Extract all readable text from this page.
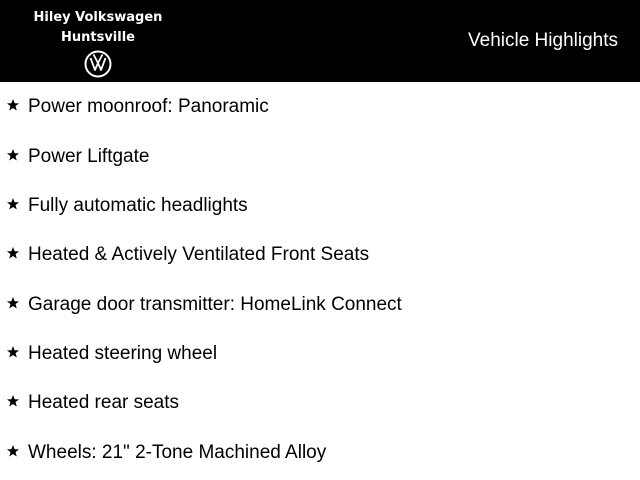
Hiley Volkswagen
Huntsville	Vehicle Highlights
Power moonroof: Panoramic
Power Liftgate
Fully automatic headlights
Heated & Actively Ventilated Front Seats
Garage door transmitter: HomeLink Connect
Heated steering wheel
Heated rear seats
Wheels: 21" 2-Tone Machined Alloy
